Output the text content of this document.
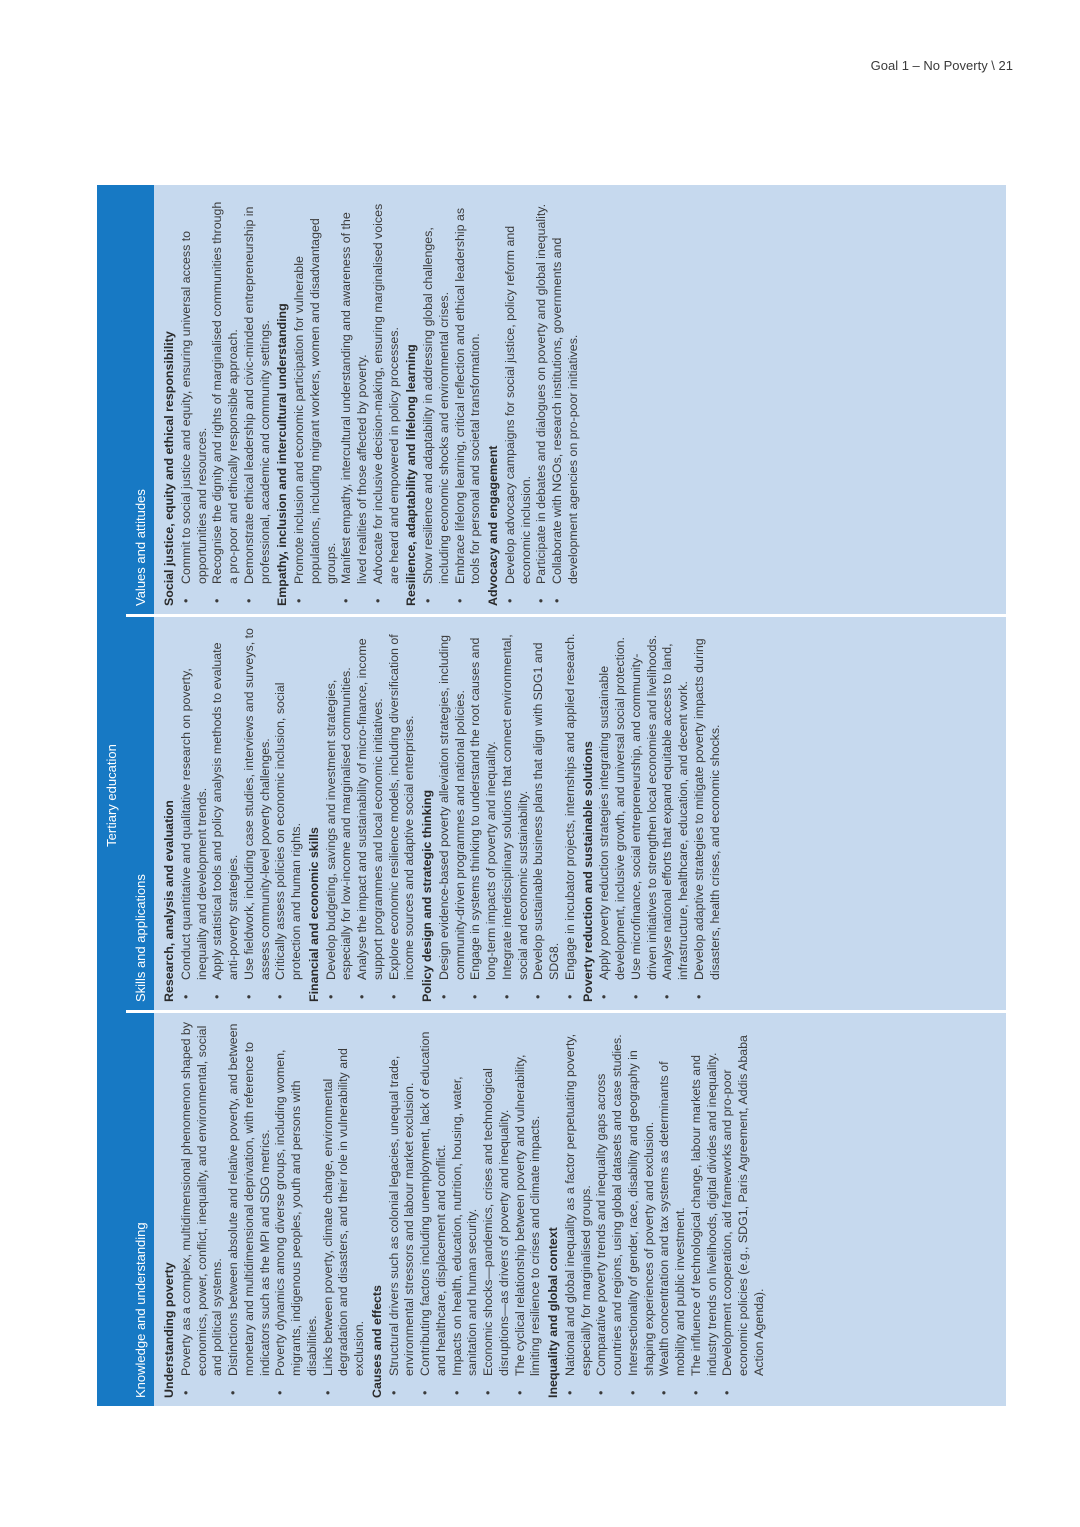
Goal 1 – No Poverty \ 21
Tertiary education
Knowledge and understanding
Skills and applications
Values and attitudes
Understanding poverty • Poverty as a complex, multidimensional phenomenon shaped by economics, power, conflict, inequality, and environmental, social and political systems. • Distinctions between absolute and relative poverty, and between monetary and multidimensional deprivation, with reference to indicators such as the MPI and SDG metrics. • Poverty dynamics among diverse groups, including women, migrants, indigenous peoples, youth and persons with disabilities. • Links between poverty, climate change, environmental degradation and disasters, and their role in vulnerability and exclusion. Causes and effects • Structural drivers such as colonial legacies, unequal trade, environmental stressors and labour market exclusion. • Contributing factors including unemployment, lack of education and healthcare, displacement and conflict. • Impacts on health, education, nutrition, housing, water, sanitation and human security. • Economic shocks—pandemics, crises and technological disruptions—as drivers of poverty and inequality. • The cyclical relationship between poverty and vulnerability, limiting resilience to crises and climate impacts. Inequality and global context • National and global inequality as a factor perpetuating poverty, especially for marginalised groups. • Comparative poverty trends and inequality gaps across countries and regions, using global datasets and case studies. • Intersectionality of gender, race, disability and geography in shaping experiences of poverty and exclusion. • Wealth concentration and tax systems as determinants of mobility and public investment. • The influence of technological change, labour markets and industry trends on livelihoods, digital divides and inequality. • Development cooperation, aid frameworks and pro-poor economic policies (e.g., SDG1, Paris Agreement, Addis Ababa Action Agenda).
Research, analysis and evaluation • Conduct quantitative and qualitative research on poverty, inequality and development trends. • Apply statistical tools and policy analysis methods to evaluate anti-poverty strategies. • Use fieldwork, including case studies, interviews and surveys, to assess community-level poverty challenges. • Critically assess policies on economic inclusion, social protection and human rights. Financial and economic skills • Develop budgeting, savings and investment strategies, especially for low-income and marginalised communities. • Analyse the impact and sustainability of micro-finance, income support programmes and local economic initiatives. • Explore economic resilience models, including diversification of income sources and adaptive social enterprises. Policy design and strategic thinking • Design evidence-based poverty alleviation strategies, including community-driven programmes and national policies. • Engage in systems thinking to understand the root causes and long-term impacts of poverty and inequality. • Integrate interdisciplinary solutions that connect environmental, social and economic sustainability. • Develop sustainable business plans that align with SDG1 and SDG8. • Engage in incubator projects, internships and applied research. Poverty reduction and sustainable solutions • Apply poverty reduction strategies integrating sustainable development, inclusive growth, and universal social protection. • Use microfinance, social entrepreneurship, and community-driven initiatives to strengthen local economies and livelihoods. • Analyse national efforts that expand equitable access to land, infrastructure, healthcare, education, and decent work. • Develop adaptive strategies to mitigate poverty impacts during disasters, health crises, and economic shocks.
Social justice, equity and ethical responsibility • Commit to social justice and equity, ensuring universal access to opportunities and resources. • Recognise the dignity and rights of marginalised communities through a pro-poor and ethically responsible approach. • Demonstrate ethical leadership and civic-minded entrepreneurship in professional, academic and community settings. Empathy, inclusion and intercultural understanding • Promote inclusion and economic participation for vulnerable populations, including migrant workers, women and disadvantaged groups. • Manifest empathy, intercultural understanding and awareness of the lived realities of those affected by poverty. • Advocate for inclusive decision-making, ensuring marginalised voices are heard and empowered in policy processes. Resilience, adaptability and lifelong learning • Show resilience and adaptability in addressing global challenges, including economic shocks and environmental crises. • Embrace lifelong learning, critical reflection and ethical leadership as tools for personal and societal transformation. Advocacy and engagement • Develop advocacy campaigns for social justice, policy reform and economic inclusion. • Participate in debates and dialogues on poverty and global inequality. • Collaborate with NGOs, research institutions, governments and development agencies on pro-poor initiatives.
